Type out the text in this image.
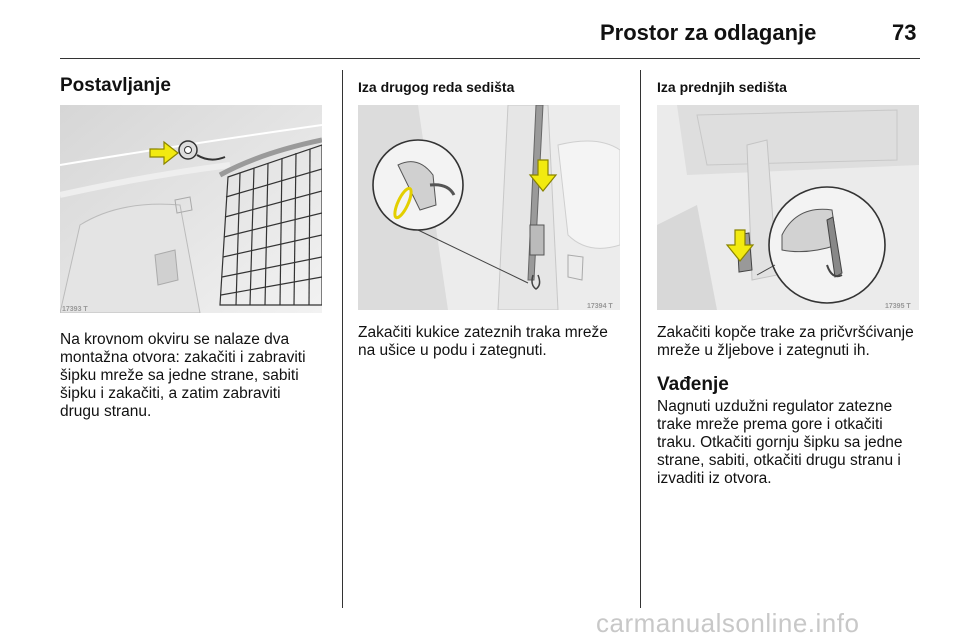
Prostor za odlaganje	73
Postavljanje
17393 T
Na krovnom okviru se nalaze dva
montažna otvora: zakačiti i zabraviti
šipku mreže sa jedne strane, sabiti
šipku i zakačiti, a zatim zabraviti
drugu stranu.
Iza drugog reda sedišta
17394 T
Zakačiti kukice zateznih traka mreže
na ušice u podu i zategnuti.
Iza prednjih sedišta
17395 T
Zakačiti kopče trake za pričvršćivanje
mreže u žljebove i zategnuti ih.
Vađenje
Nagnuti uzdužni regulator zatezne
trake mreže prema gore i otkačiti
traku. Otkačiti gornju šipku sa jedne
strane, sabiti, otkačiti drugu stranu i
izvaditi iz otvora.
carmanualsonline.info
